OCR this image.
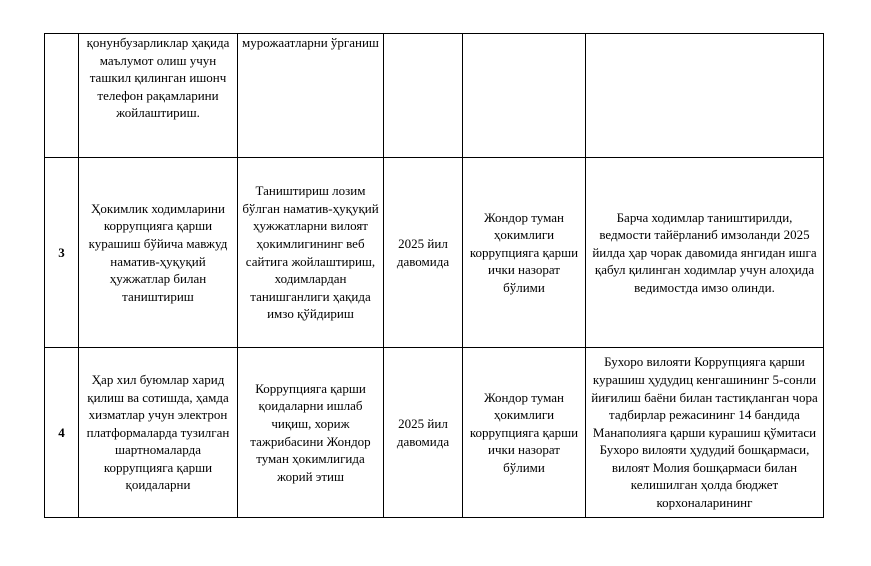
	қонунбузарликлар ҳақида маълумот олиш учун ташкил қилинган ишонч телефон рақамларини жойлаштириш.	мурожаатларни ўрганиш			
3	Ҳокимлик ходимларини коррупцияга қарши курашиш бўйича мавжуд наматив-ҳуқуқий ҳужжатлар билан таништириш	Таништириш лозим бўлган наматив-ҳуқуқий ҳужжатларни вилоят ҳокимлигининг веб сайтига жойлаштириш, ходимлардан танишганлиги ҳақида имзо қўйдириш	2025 йил давомида	Жондор туман ҳокимлиги коррупцияга қарши ички назорат бўлими	Барча ходимлар таништирилди, ведмости тайёрланиб имзоланди 2025 йилда ҳар чорак давомида янгидан ишга қабул қилинган ходимлар учун алоҳида ведимостда имзо олинди.
4	Ҳар хил буюмлар харид қилиш ва сотишда, ҳамда хизматлар учун электрон платформаларда тузилган шартномаларда коррупцияга қарши қоидаларни	Коррупцияга қарши қоидаларни ишлаб чиқиш, хориж тажрибасини Жондор туман ҳокимлигида жорий этиш	2025 йил давомида	Жондор туман ҳокимлиги коррупцияга қарши ички назорат бўлими	Бухоро вилояти Коррупцияга қарши курашиш ҳудудиц кенгашининг 5-сонли йиғилиш баёни билан тастиқланган чора тадбирлар режасининг 14 бандида Манаполияга қарши курашиш қўмитаси Бухоро вилояти ҳудудий бошқармаси, вилоят Молия бошқармаси билан келишилган ҳолда бюджет корхоналарининг
